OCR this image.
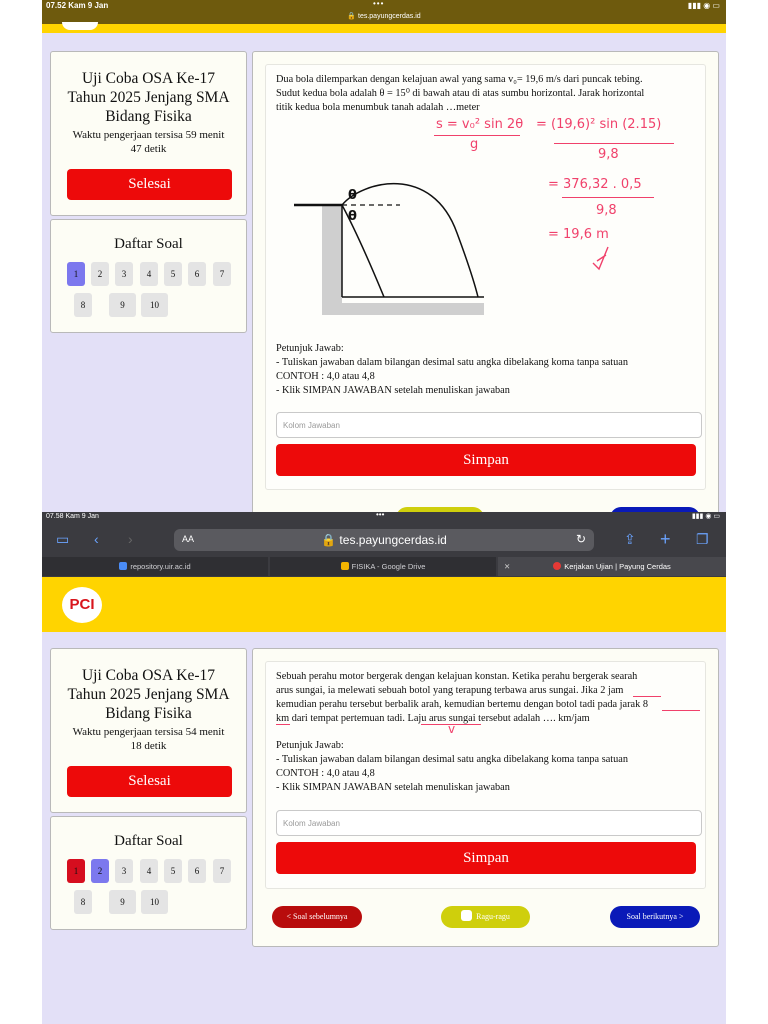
07.52 Kam 9 Jan	•••
🔒 tes.payungcerdas.id
▮▮▮ ◉ ▭
Uji Coba OSA Ke-17
Tahun 2025 Jenjang SMA
Bidang Fisika
Waktu pengerjaan tersisa 59 menit
47 detik
Selesai
Daftar Soal
1	2	3	4	5	6	7
8	9	10
Dua bola dilemparkan dengan kelajuan awal yang sama v₀= 19,6 m/s dari puncak tebing.
Sudut kedua bola adalah θ = 15⁰ di bawah atau di atas sumbu horizontal. Jarak horizontal
titik kedua bola menumbuk tanah adalah …meter
θ
θ
s = v₀² sin 2θ
g
= (19,6)² sin (2.15)
9,8
= 376,32 . 0,5
9,8
= 19,6 m
Petunjuk Jawab:
- Tuliskan jawaban dalam bilangan desimal satu angka dibelakang koma tanpa satuan
CONTOH : 4,0 atau 4,8
- Klik SIMPAN JAWABAN setelah menuliskan jawaban
Kolom Jawaban
Simpan
07.58 Kam 9 Jan	•••	▮▮▮ ◉ ▭
▭ ‹ ›	AA	🔒 tes.payungcerdas.id	↻	⇪ + ❐
repository.uir.ac.id	FISIKA - Google Drive	✕	Kerjakan Ujian | Payung Cerdas
PCI
Uji Coba OSA Ke-17
Tahun 2025 Jenjang SMA
Bidang Fisika
Waktu pengerjaan tersisa 54 menit
18 detik
Selesai
Daftar Soal
1	2	3	4	5	6	7
8	9	10
Sebuah perahu motor bergerak dengan kelajuan konstan. Ketika perahu bergerak searah
arus sungai, ia melewati sebuah botol yang terapung terbawa arus sungai. Jika 2 jam
kemudian perahu tersebut berbalik arah, kemudian bertemu dengan botol tadi pada jarak 8
km dari tempat pertemuan tadi. Laju arus sungai tersebut adalah …. km/jam
v
Petunjuk Jawab:
- Tuliskan jawaban dalam bilangan desimal satu angka dibelakang koma tanpa satuan
CONTOH : 4,0 atau 4,8
- Klik SIMPAN JAWABAN setelah menuliskan jawaban
Kolom Jawaban
Simpan
< Soal sebelumnya	Ragu-ragu	Soal berikutnya >
